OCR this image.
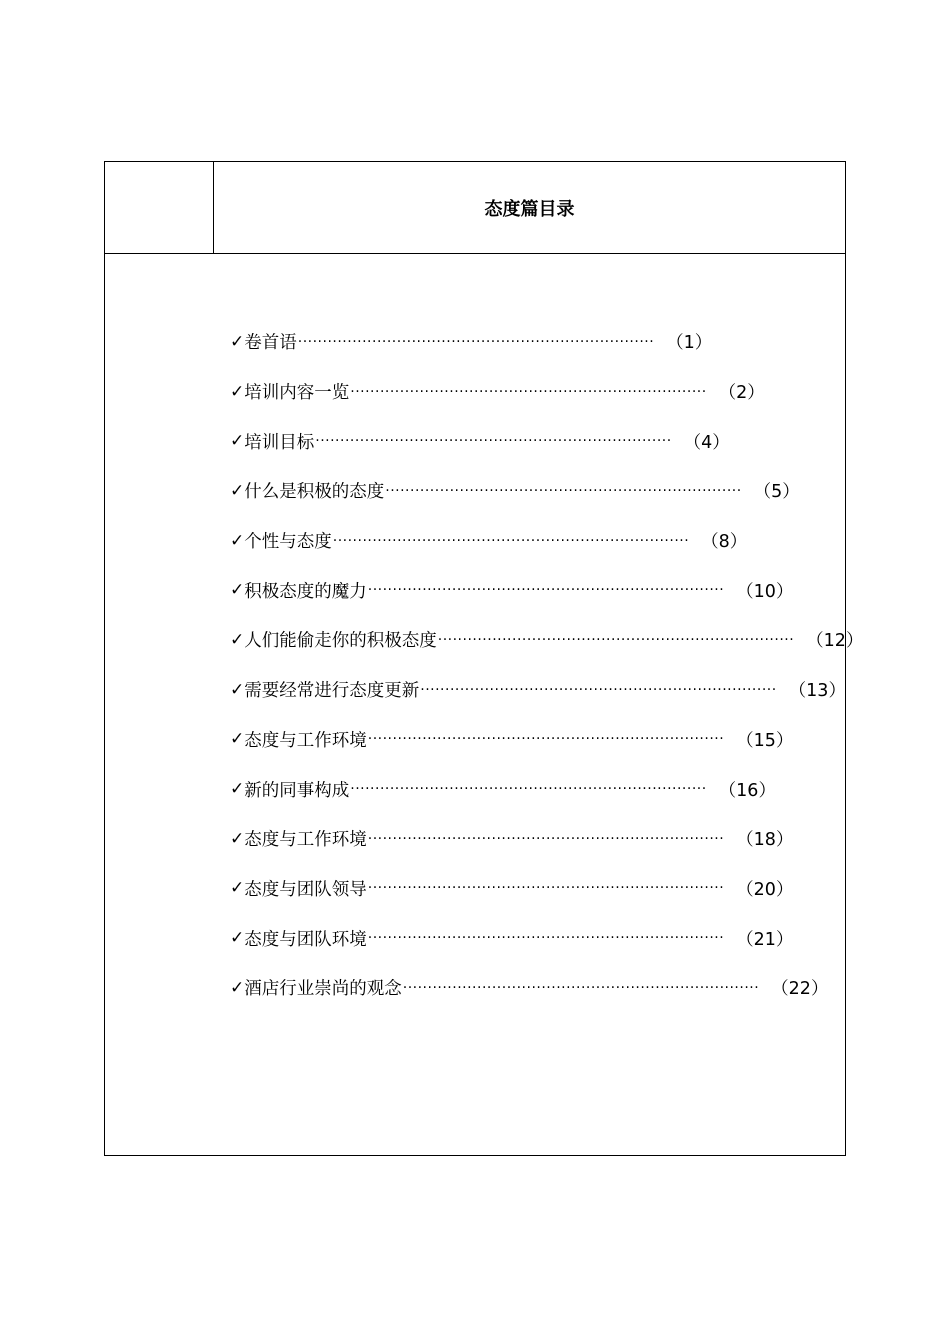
态度篇目录
✓ 卷首语 ········································································ （1）
✓ 培训内容一览 ········································································ （2）
✓ 培训目标 ········································································ （4）
✓ 什么是积极的态度 ········································································ （5）
✓ 个性与态度 ········································································ （8）
✓ 积极态度的魔力 ········································································ （10）
✓ 人们能偷走你的积极态度 ········································································ （12）
✓ 需要经常进行态度更新 ········································································ （13）
✓ 态度与工作环境 ········································································ （15）
✓ 新的同事构成 ········································································ （16）
✓ 态度与工作环境 ········································································ （18）
✓ 态度与团队领导 ········································································ （20）
✓ 态度与团队环境 ········································································ （21）
✓ 酒店行业崇尚的观念 ········································································ （22）
